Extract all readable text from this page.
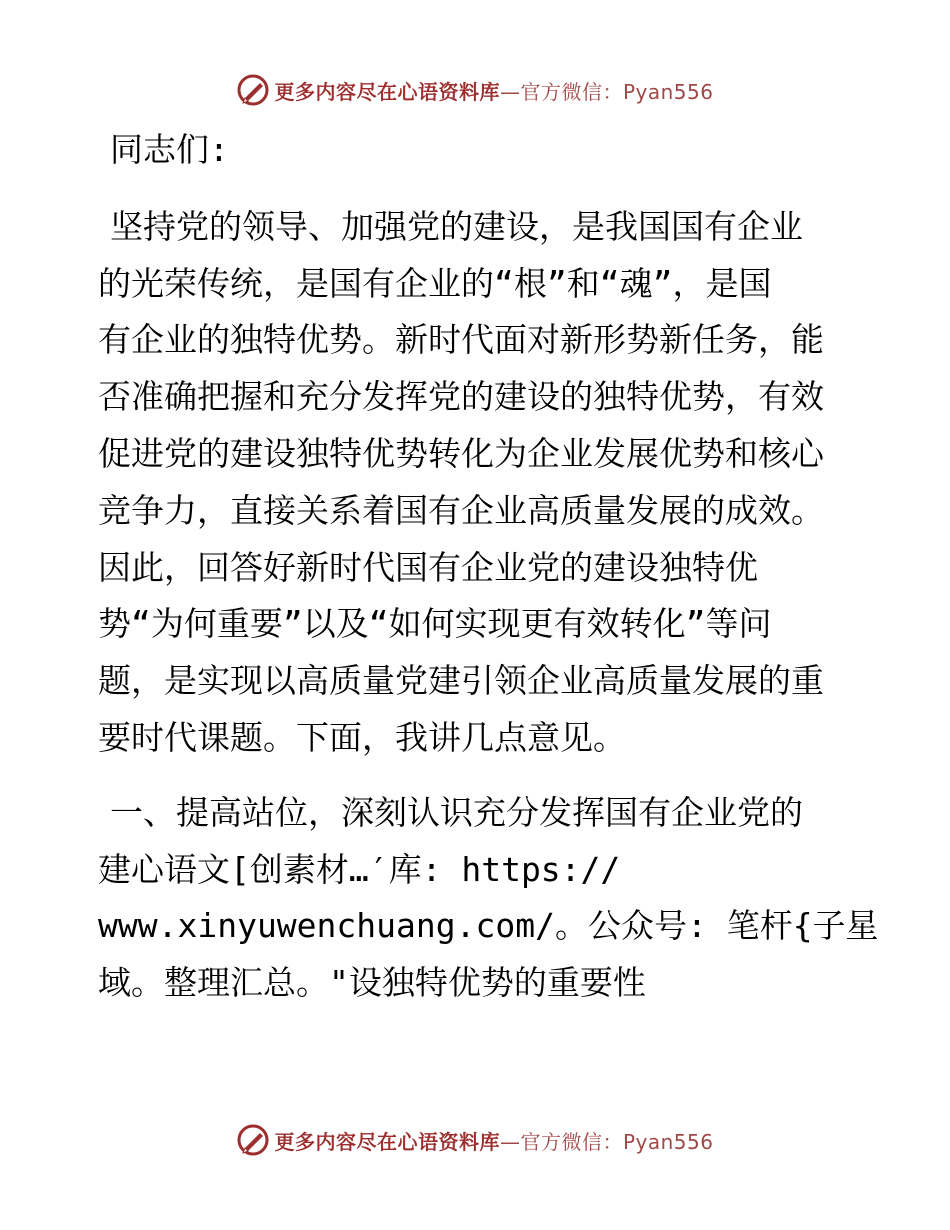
更多内容尽在心语资料库—官方微信：Pyan556

同志们:

坚持党的领导、加强党的建设，是我国国有企业

的光荣传统，是国有企业的“根”和“魂”，是国

有企业的独特优势。新时代面对新形势新任务，能

否准确把握和充分发挥党的建设的独特优势，有效

促进党的建设独特优势转化为企业发展优势和核心

竞争力，直接关系着国有企业高质量发展的成效。

因此，回答好新时代国有企业党的建设独特优

势“为何重要”以及“如何实现更有效转化”等问

题，是实现以高质量党建引领企业高质量发展的重

要时代课题。下面，我讲几点意见。

一、提高站位，深刻认识充分发挥国有企业党的

建心语文[创素材…′库: https://

www.xinyuwenchuang.com/。公众号: 笔杆{子星

域。整理汇总。"设独特优势的重要性

更多内容尽在心语资料库—官方微信：Pyan556
